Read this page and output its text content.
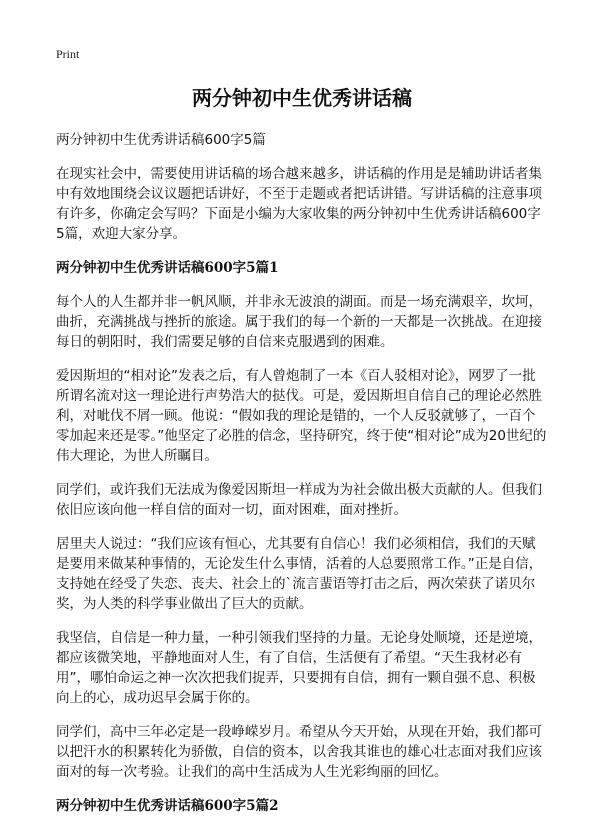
Print
两分钟初中生优秀讲话稿

两分钟初中生优秀讲话稿600字5篇

在现实社会中，需要使用讲话稿的场合越来越多，讲话稿的作用是是辅助讲话者集中有效地围绕会议议题把话讲好，不至于走题或者把话讲错。写讲话稿的注意事项有许多，你确定会写吗？下面是小编为大家收集的两分钟初中生优秀讲话稿600字5篇，欢迎大家分享。

两分钟初中生优秀讲话稿600字5篇1

每个人的人生都并非一帆风顺，并非永无波浪的湖面。而是一场充满艰辛，坎坷，曲折，充满挑战与挫折的旅途。属于我们的每一个新的一天都是一次挑战。在迎接每日的朝阳时，我们需要足够的自信来克服遇到的困难。

爱因斯坦的“相对论”发表之后，有人曾炮制了一本《百人驳相对论》，网罗了一批所谓名流对这一理论进行声势浩大的挞伐。可是，爱因斯坦自信自己的理论必然胜利，对呲伐不屑一顾。他说：“假如我的理论是错的，一个人反驳就够了，一百个零加起来还是零。”他坚定了必胜的信念，坚持研究，终于使“相对论”成为20世纪的伟大理论，为世人所瞩目。

同学们，或许我们无法成为像爱因斯坦一样成为为社会做出极大贡献的人。但我们依旧应该向他一样自信的面对一切，面对困难，面对挫折。

居里夫人说过：“我们应该有恒心，尤其要有自信心！我们必须相信，我们的天赋是要用来做某种事情的，无论发生什么事情，活着的人总要照常工作。”正是自信，支持她在经受了失恋、丧夫、社会上的`流言蜚语等打击之后，两次荣获了诺贝尔奖，为人类的科学事业做出了巨大的贡献。

我坚信，自信是一种力量，一种引领我们坚持的力量。无论身处顺境，还是逆境，都应该微笑地，平静地面对人生，有了自信，生活便有了希望。“天生我材必有用”，哪怕命运之神一次次把我们捉弄，只要拥有自信，拥有一颗自强不息、积极向上的心，成功迟早会属于你的。

同学们，高中三年必定是一段峥嵘岁月。希望从今天开始，从现在开始，我们都可以把汗水的积累转化为骄傲，自信的资本，以舍我其谁也的雄心壮志面对我们应该面对的每一次考验。让我们的高中生活成为人生光彩绚丽的回忆。

两分钟初中生优秀讲话稿600字5篇2
